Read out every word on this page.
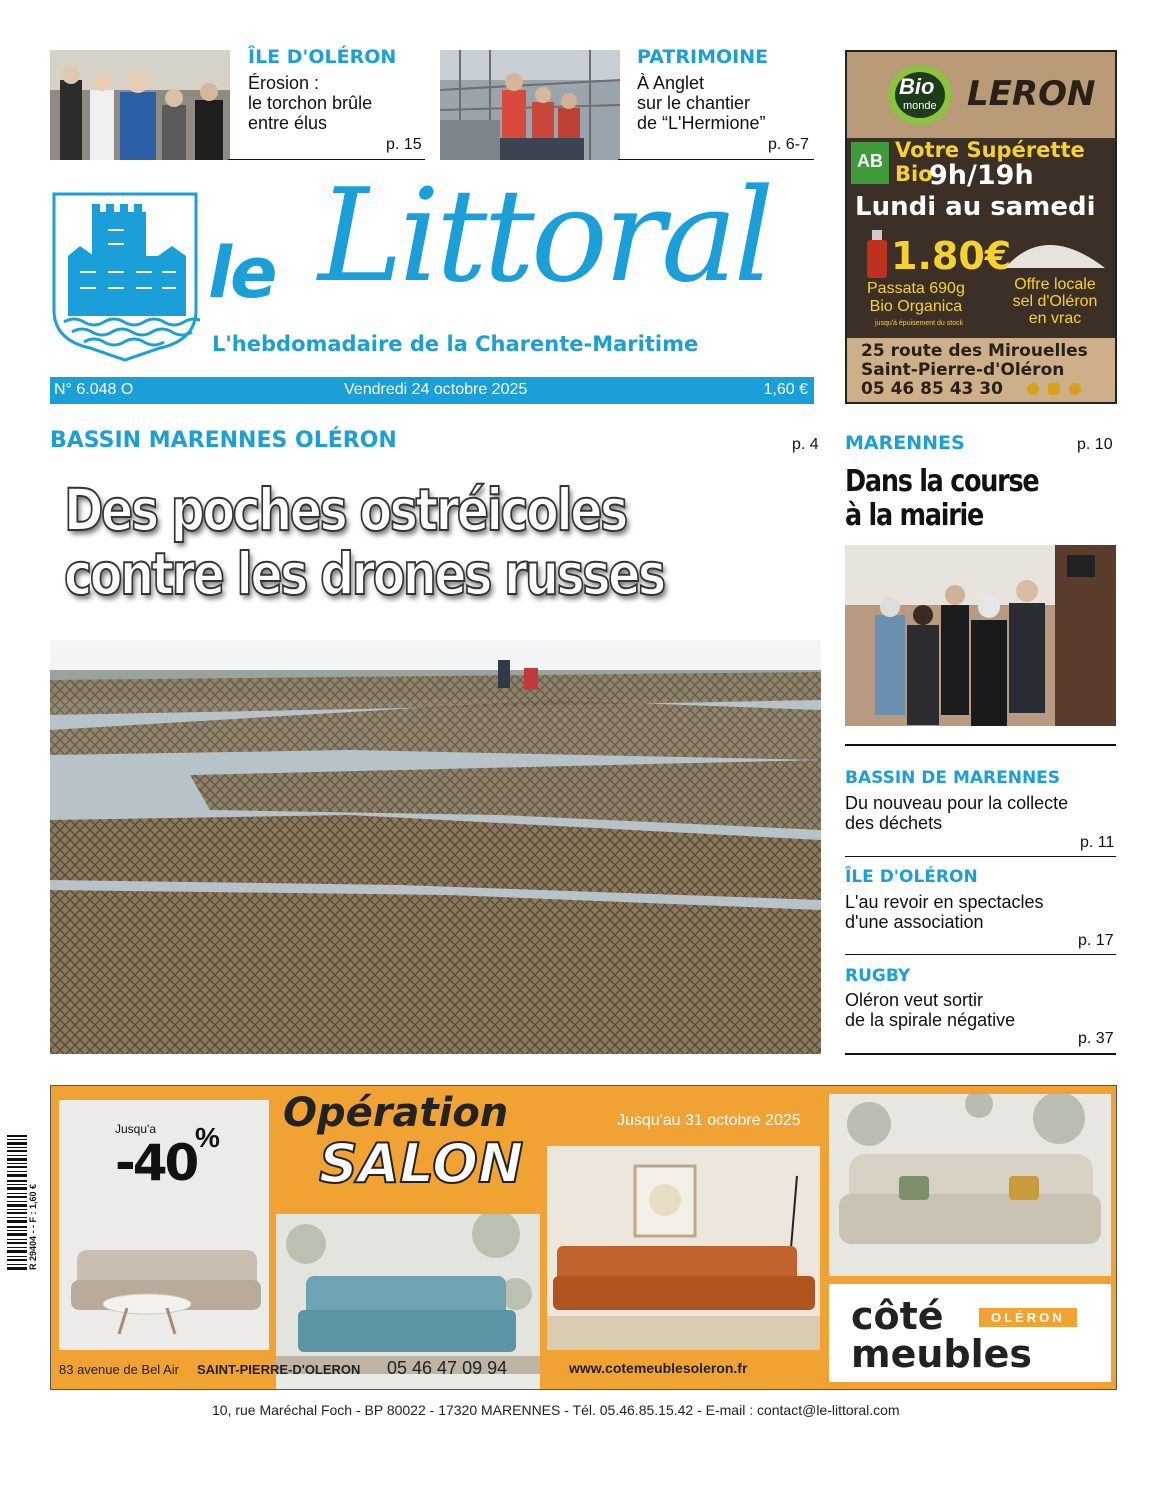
ÎLE D'OLÉRON
Érosion :
le torchon brûle
entre élus
p. 15
PATRIMOINE
À Anglet
sur le chantier
de “L'Hermione”
p. 6-7
le Littoral
L'hebdomadaire de la Charente-Maritime
N° 6.048 O	Vendredi 24 octobre 2025	1,60 €
Bio
monde LERON
AB Votre Supérette Bio
9h/19h
Lundi au samedi
1.80€
Passata 690g
Bio Organica
jusqu'à épuisement du stock
Offre locale
sel d'Oléron
en vrac
25 route des Mirouelles
Saint-Pierre-d'Oléron
05 46 85 43 30
BASSIN MARENNES OLÉRON	p. 4
Des poches ostréicoles
contre les drones russes
MARENNES	p. 10
Dans la course
à la mairie
BASSIN DE MARENNES
Du nouveau pour la collecte
des déchets
p. 11
ÎLE D'OLÉRON
L'au revoir en spectacles
d'une association
p. 17
RUGBY
Oléron veut sortir
de la spirale négative
p. 37
R 29404 - - F : 1,60 €
Jusqu'a
-40
%
Opération
SALON
Jusqu'au 31 octobre 2025
côté	OLÉRON
meubles
83 avenue de Bel Air SAINT-PIERRE-D'OLERON 05 46 47 09 94	www.cotemeublesoleron.fr
10, rue Maréchal Foch - BP 80022 - 17320 MARENNES - Tél. 05.46.85.15.42 - E-mail : contact@le-littoral.com
